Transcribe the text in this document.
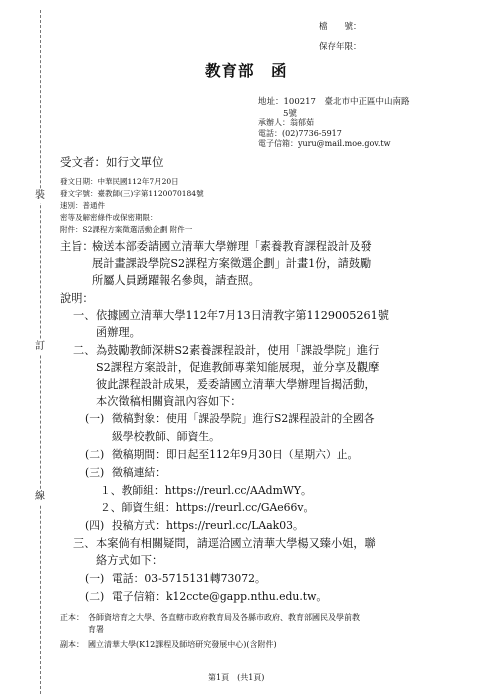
裝
訂
線
檔　　號：
保存年限：
教育部　函
地址：100217　臺北市中正區中山南路
5號
承辦人：翁郁茹
電話：(02)7736-5917
電子信箱：yuru@mail.moe.gov.tw
受文者：如行文單位
發文日期：中華民國112年7月20日
發文字號：臺教師(三)字第1120070184號
速別：普通件
密等及解密條件或保密期限：
附件：S2課程方案徵選活動企劃 附件一
主旨：
檢送本部委請國立清華大學辦理「素養教育課程設計及發
展計畫課設學院S2課程方案徵選企劃」計畫1份，請鼓勵
所屬人員踴躍報名參與，請查照。
說明：
一、 依據國立清華大學112年7月13日清教字第1129005261號
函辦理。
二、 為鼓勵教師深耕S2素養課程設計，使用「課設學院」進行
S2課程方案設計，促進教師專業知能展現，並分享及觀摩
彼此課程設計成果，爰委請國立清華大學辦理旨揭活動，
本次徵稿相關資訊內容如下：
(一) 徵稿對象：使用「課設學院」進行S2課程設計的全國各
級學校教師、師資生。
(二) 徵稿期間：即日起至112年9月30日（星期六）止。
(三) 徵稿連結：
１、教師組：https://reurl.cc/AAdmWY。
２、師資生組：https://reurl.cc/GAe66v。
(四) 投稿方式：https://reurl.cc/LAak03。
三、 本案倘有相關疑問，請逕洽國立清華大學楊又臻小姐，聯
絡方式如下：
(一) 電話：03-5715131轉73072。
(二) 電子信箱：k12ccte@gapp.nthu.edu.tw。
正本： 各師資培育之大學、各直轄市政府教育局及各縣市政府、教育部國民及學前教
育署
副本： 國立清華大學(K12課程及師培研究發展中心)(含附件)
第1頁　(共1頁)
